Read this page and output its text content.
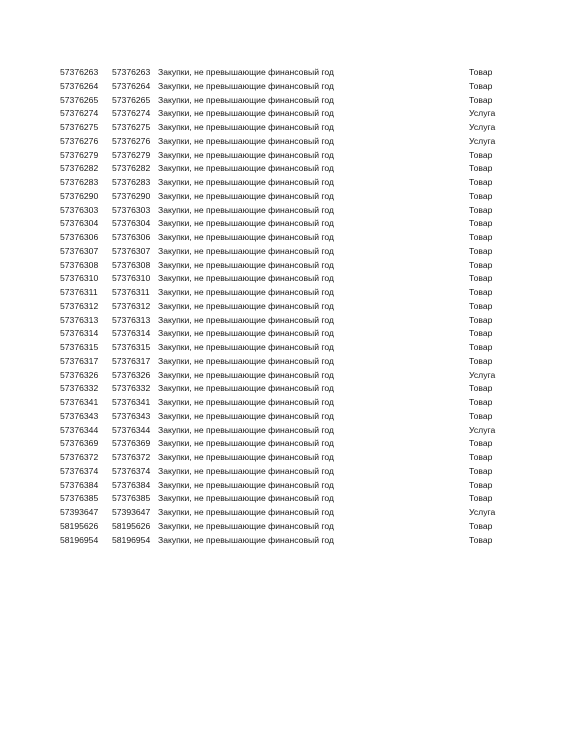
57376263 57376263 Закупки, не превышающие финансовый год	Товар
57376264 57376264 Закупки, не превышающие финансовый год	Товар
57376265 57376265 Закупки, не превышающие финансовый год	Товар
57376274 57376274 Закупки, не превышающие финансовый год	Услуга
57376275 57376275 Закупки, не превышающие финансовый год	Услуга
57376276 57376276 Закупки, не превышающие финансовый год	Услуга
57376279 57376279 Закупки, не превышающие финансовый год	Товар
57376282 57376282 Закупки, не превышающие финансовый год	Товар
57376283 57376283 Закупки, не превышающие финансовый год	Товар
57376290 57376290 Закупки, не превышающие финансовый год	Товар
57376303 57376303 Закупки, не превышающие финансовый год	Товар
57376304 57376304 Закупки, не превышающие финансовый год	Товар
57376306 57376306 Закупки, не превышающие финансовый год	Товар
57376307 57376307 Закупки, не превышающие финансовый год	Товар
57376308 57376308 Закупки, не превышающие финансовый год	Товар
57376310 57376310 Закупки, не превышающие финансовый год	Товар
57376311 57376311 Закупки, не превышающие финансовый год	Товар
57376312 57376312 Закупки, не превышающие финансовый год	Товар
57376313 57376313 Закупки, не превышающие финансовый год	Товар
57376314 57376314 Закупки, не превышающие финансовый год	Товар
57376315 57376315 Закупки, не превышающие финансовый год	Товар
57376317 57376317 Закупки, не превышающие финансовый год	Товар
57376326 57376326 Закупки, не превышающие финансовый год	Услуга
57376332 57376332 Закупки, не превышающие финансовый год	Товар
57376341 57376341 Закупки, не превышающие финансовый год	Товар
57376343 57376343 Закупки, не превышающие финансовый год	Товар
57376344 57376344 Закупки, не превышающие финансовый год	Услуга
57376369 57376369 Закупки, не превышающие финансовый год	Товар
57376372 57376372 Закупки, не превышающие финансовый год	Товар
57376374 57376374 Закупки, не превышающие финансовый год	Товар
57376384 57376384 Закупки, не превышающие финансовый год	Товар
57376385 57376385 Закупки, не превышающие финансовый год	Товар
57393647 57393647 Закупки, не превышающие финансовый год	Услуга
58195626 58195626 Закупки, не превышающие финансовый год	Товар
58196954 58196954 Закупки, не превышающие финансовый год	Товар
